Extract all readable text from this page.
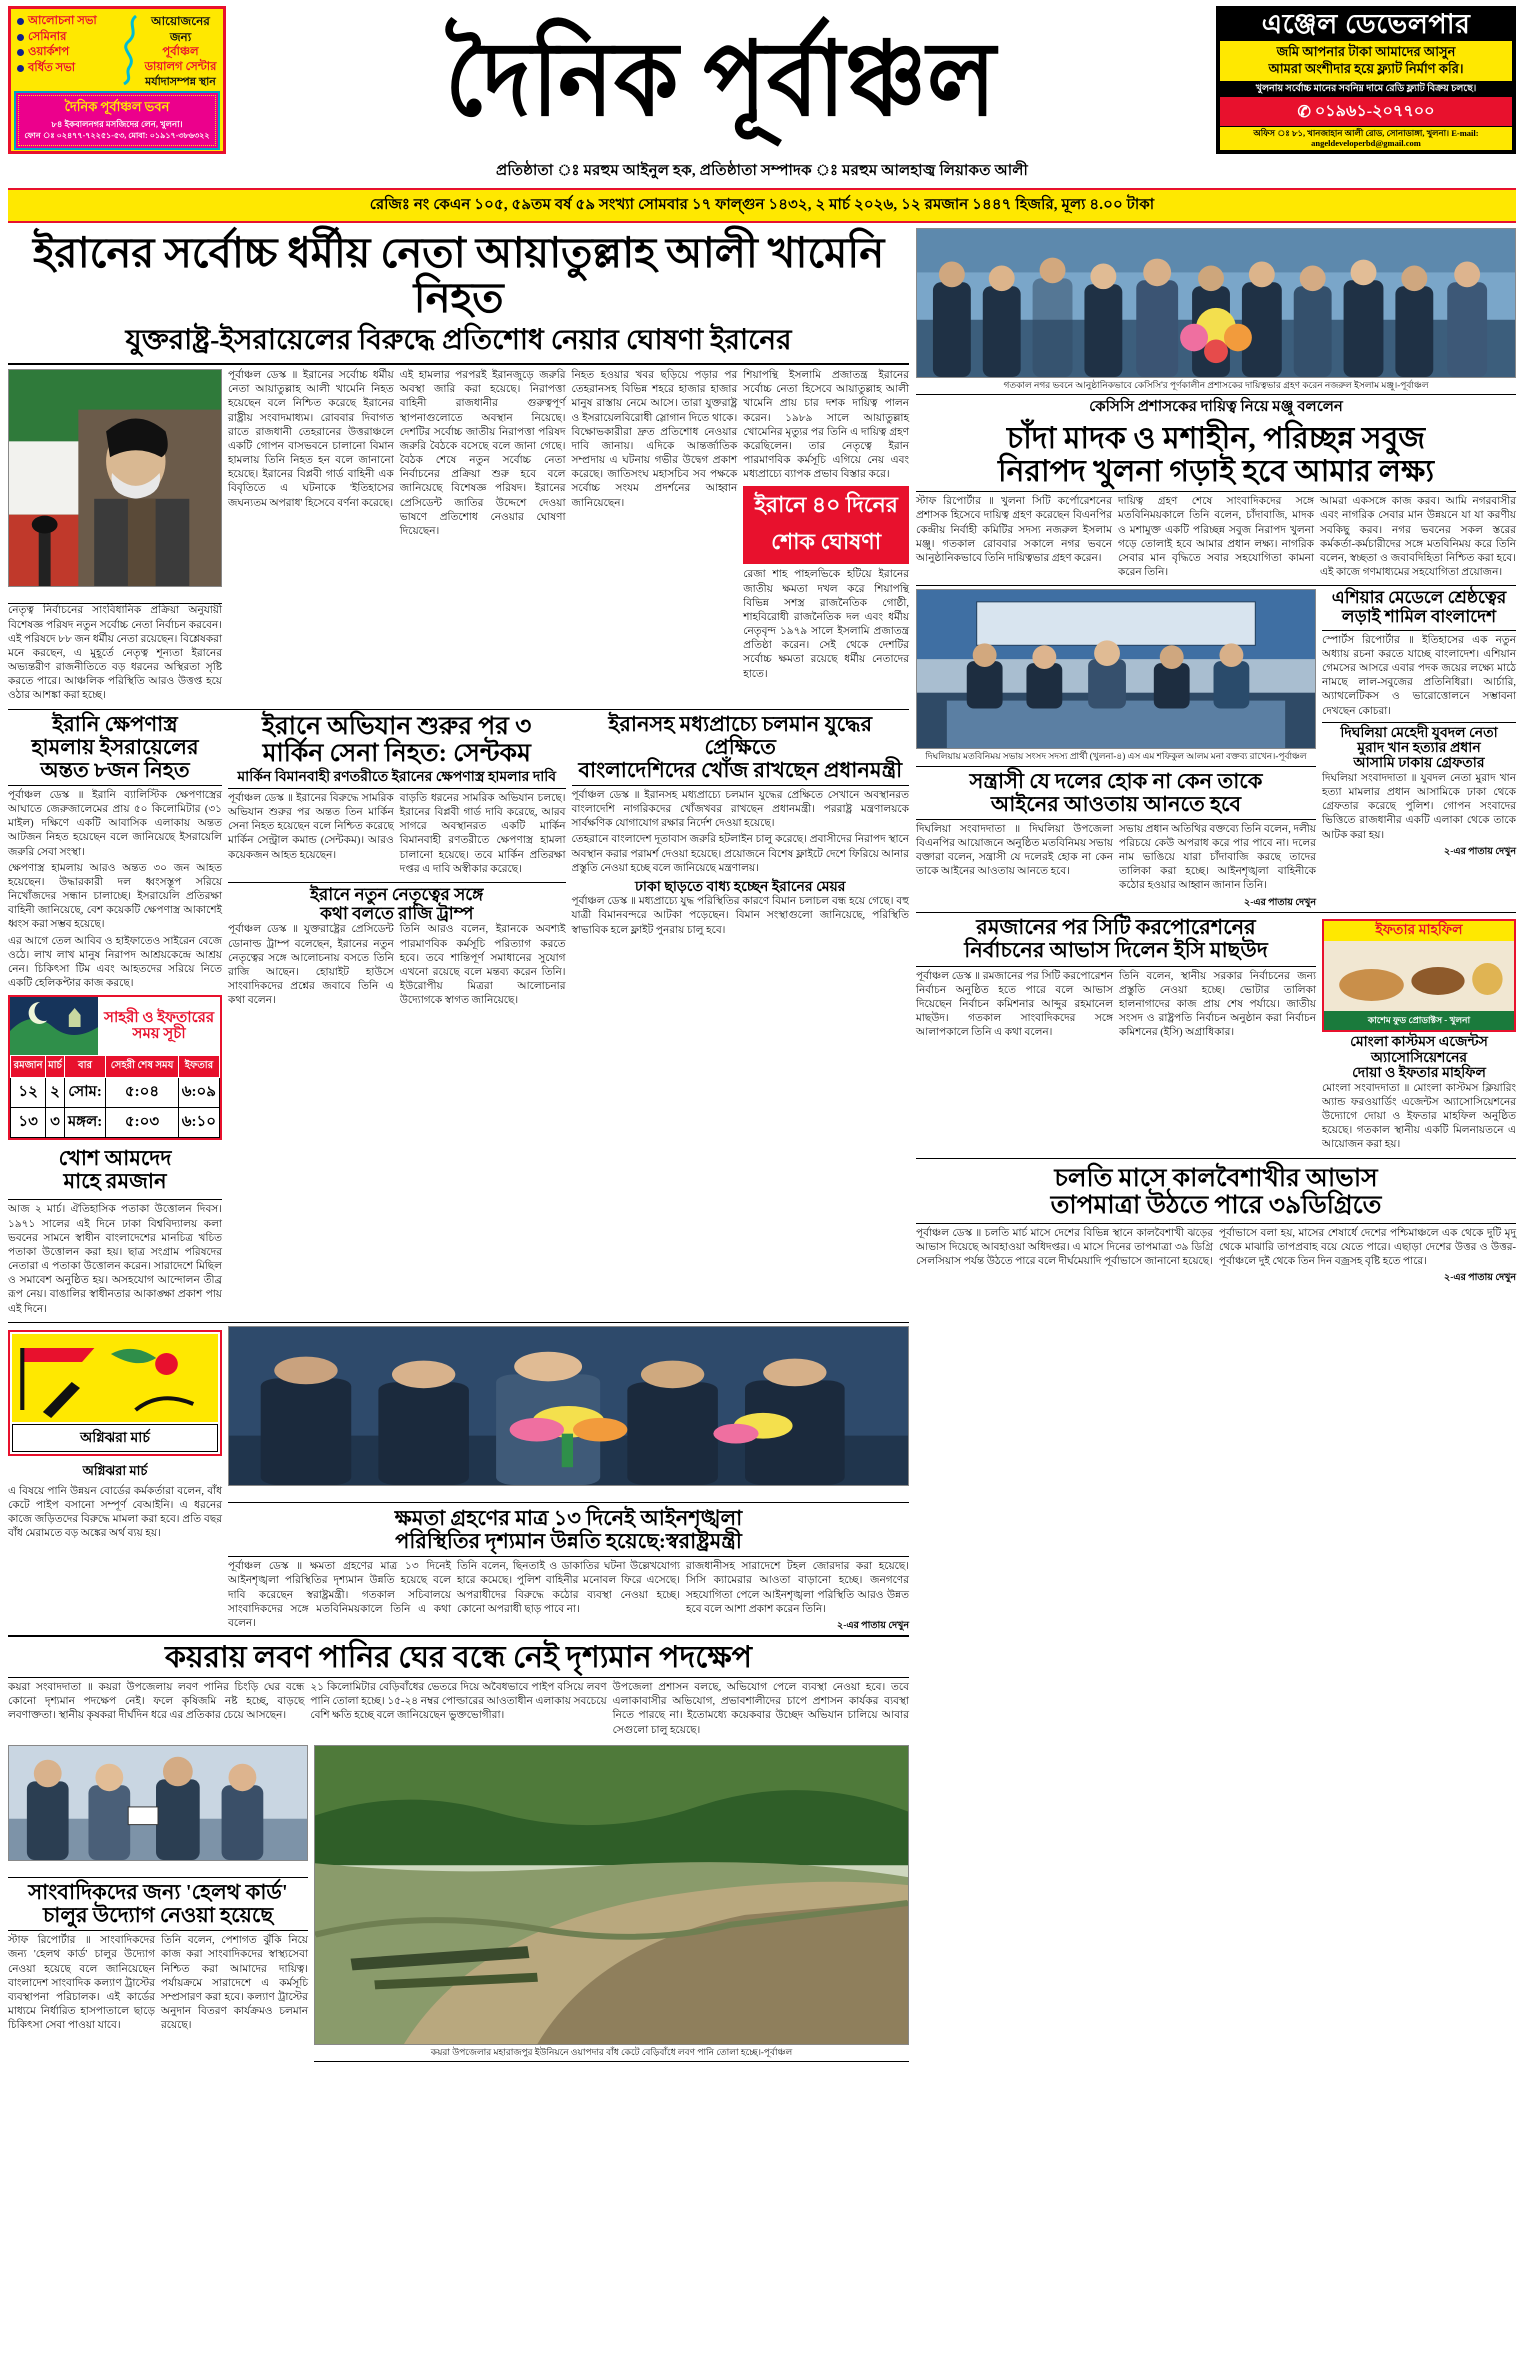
আলোচনা সভা
সেমিনার
ওয়ার্কশপ
বর্ধিত সভা
আয়োজনের জন্য
পূর্বাঞ্চল ডায়ালগ সেন্টার
মর্যাদাসম্পন্ন স্থান
দৈনিক পূর্বাঞ্চল ভবন
৮৪ ইকবালনগর মসজিদের লেন, খুলনা।
ফোন ঃ ০২৪৭৭-৭২২৫১-৫৩, মোবা: ০১৯১৭-৩৮৬৩২২	দৈনিক পূর্বাঞ্চল	এঞ্জেল ডেভেলপার
জমি আপনার টাকা আমাদের আসুন
আমরা অংশীদার হয়ে ফ্ল্যাট নির্মাণ করি।
খুলনায় সর্বোচ্চ মানের সবনিম্ন দামে রেডি ফ্ল্যাট বিক্রয় চলছে।
✆ ০১৯৬১-২০৭৭০০
অফিস ঃ ৮১, খানজাহান আলী রোড, সোনাডাঙ্গা, খুলনা। E-mail: angeldeveloperbd@gmail.com
প্রতিষ্ঠাতা ঃ মরহুম আইনুল হক, প্রতিষ্ঠাতা সম্পাদক ঃ মরহুম আলহাজ্ব লিয়াকত আলী
রেজিঃ নং কেএন ১০৫, ৫৯তম বর্ষ ৫৯ সংখ্যা সোমবার ১৭ ফাল্গুন ১৪৩২, ২ মার্চ ২০২৬, ১২ রমজান ১৪৪৭ হিজরি, মূল্য ৪.০০ টাকা
ইরানের সর্বোচ্চ ধর্মীয় নেতা আয়াতুল্লাহ আলী খামেনি নিহত
যুক্তরাষ্ট্র-ইসরায়েলের বিরুদ্ধে প্রতিশোধ নেয়ার ঘোষণা ইরানের

নেতৃত্ব নির্বাচনের সাংবিধানিক প্রক্রিয়া অনুযায়ী বিশেষজ্ঞ পরিষদ নতুন সর্বোচ্চ নেতা নির্বাচন করবেন। এই পরিষদে ৮৮ জন ধর্মীয় নেতা রয়েছেন। বিশ্লেষকরা মনে করছেন, এ মুহূর্তে নেতৃত্ব শূন্যতা ইরানের অভ্যন্তরীণ রাজনীতিতে বড় ধরনের অস্থিরতা সৃষ্টি করতে পারে। আঞ্চলিক পরিস্থিতি আরও উত্তপ্ত হয়ে ওঠার আশঙ্কা করা হচ্ছে।

পূর্বাঞ্চল ডেস্ক ॥ ইরানের সর্বোচ্চ ধর্মীয় নেতা আয়াতুল্লাহ আলী খামেনি নিহত হয়েছেন বলে নিশ্চিত করেছে ইরানের রাষ্ট্রীয় সংবাদমাধ্যম। রোববার দিবাগত রাতে রাজধানী তেহরানের উত্তরাঞ্চলে একটি গোপন বাসভবনে চালানো বিমান হামলায় তিনি নিহত হন বলে জানানো হয়েছে। ইরানের বিপ্লবী গার্ড বাহিনী এক বিবৃতিতে এ ঘটনাকে 'ইতিহাসের জঘন্যতম অপরাধ' হিসেবে বর্ণনা করেছে।

এই হামলার পরপরই ইরানজুড়ে জরুরি অবস্থা জারি করা হয়েছে। নিরাপত্তা বাহিনী রাজধানীর গুরুত্বপূর্ণ স্থাপনাগুলোতে অবস্থান নিয়েছে। দেশটির সর্বোচ্চ জাতীয় নিরাপত্তা পরিষদ জরুরি বৈঠকে বসেছে বলে জানা গেছে। বৈঠক শেষে নতুন সর্বোচ্চ নেতা নির্বাচনের প্রক্রিয়া শুরু হবে বলে জানিয়েছে বিশেষজ্ঞ পরিষদ। ইরানের প্রেসিডেন্ট জাতির উদ্দেশে দেওয়া ভাষণে প্রতিশোধ নেওয়ার ঘোষণা দিয়েছেন।

নিহত হওয়ার খবর ছড়িয়ে পড়ার পর তেহরানসহ বিভিন্ন শহরে হাজার হাজার মানুষ রাস্তায় নেমে আসে। তারা যুক্তরাষ্ট্র ও ইসরায়েলবিরোধী স্লোগান দিতে থাকে। বিক্ষোভকারীরা দ্রুত প্রতিশোধ নেওয়ার দাবি জানায়। এদিকে আন্তর্জাতিক সম্প্রদায় এ ঘটনায় গভীর উদ্বেগ প্রকাশ করেছে। জাতিসংঘ মহাসচিব সব পক্ষকে সর্বোচ্চ সংযম প্রদর্শনের আহ্বান জানিয়েছেন।

শিয়াপন্থি ইসলামি প্রজাতন্ত্র ইরানের সর্বোচ্চ নেতা হিসেবে আয়াতুল্লাহ আলী খামেনি প্রায় চার দশক দায়িত্ব পালন করেন। ১৯৮৯ সালে আয়াতুল্লাহ খোমেনির মৃত্যুর পর তিনি এ দায়িত্ব গ্রহণ করেছিলেন। তার নেতৃত্বে ইরান পারমাণবিক কর্মসূচি এগিয়ে নেয় এবং মধ্যপ্রাচ্যে ব্যাপক প্রভাব বিস্তার করে।

ইরানে ৪০ দিনের শোক ঘোষণা

রেজা শাহ পাহলভিকে হটিয়ে ইরানের জাতীয় ক্ষমতা দখল করে শিয়াপন্থি বিভিন্ন সশস্ত্র রাজনৈতিক গোষ্ঠী, শাহবিরোধী রাজনৈতিক দল এবং ধর্মীয় নেতৃবৃন্দ ১৯৭৯ সালে ইসলামি প্রজাতন্ত্র প্রতিষ্ঠা করেন। সেই থেকে দেশটির সর্বোচ্চ ক্ষমতা রয়েছে ধর্মীয় নেতাদের হাতে।

ইরানি ক্ষেপণাস্ত্র
হামলায় ইসরায়েলের
অন্তত ৮জন নিহত

পূর্বাঞ্চল ডেস্ক ॥ ইরানি ব্যালিস্টিক ক্ষেপণাস্ত্রের আঘাতে জেরুজালেমের প্রায় ৫০ কিলোমিটার (৩১ মাইল) দক্ষিণে একটি আবাসিক এলাকায় অন্তত আটজন নিহত হয়েছেন বলে জানিয়েছে ইসরায়েলি জরুরি সেবা সংস্থা।

ক্ষেপণাস্ত্র হামলায় আরও অন্তত ৩০ জন আহত হয়েছেন। উদ্ধারকারী দল ধ্বংসস্তূপ সরিয়ে নিখোঁজদের সন্ধান চালাচ্ছে। ইসরায়েলি প্রতিরক্ষা বাহিনী জানিয়েছে, বেশ কয়েকটি ক্ষেপণাস্ত্র আকাশেই ধ্বংস করা সম্ভব হয়েছে।

এর আগে তেল আবিব ও হাইফাতেও সাইরেন বেজে ওঠে। লাখ লাখ মানুষ নিরাপদ আশ্রয়কেন্দ্রে আশ্রয় নেন। চিকিৎসা টিম এবং আহতদের সরিয়ে নিতে একটি হেলিকপ্টার কাজ করছে।

সাহরী ও ইফতারের
সময় সূচী
রমজান	মার্চ	বার	সেহরী শেষ সময	ইফতার
১২	২	সোম:	৫:০৪	৬:০৯
১৩	৩	মঙ্গল:	৫:০৩	৬:১০
খোশ আমদেদ
মাহে রমজান

আজ ২ মার্চ। ঐতিহাসিক পতাকা উত্তোলন দিবস। ১৯৭১ সালের এই দিনে ঢাকা বিশ্ববিদ্যালয় কলা ভবনের সামনে স্বাধীন বাংলাদেশের মানচিত্র খচিত পতাকা উত্তোলন করা হয়। ছাত্র সংগ্রাম পরিষদের নেতারা এ পতাকা উত্তোলন করেন। সারাদেশে মিছিল ও সমাবেশ অনুষ্ঠিত হয়। অসহযোগ আন্দোলন তীব্র রূপ নেয়। বাঙালির স্বাধীনতার আকাঙ্ক্ষা প্রকাশ পায় এই দিনে।

ইরানে অভিযান শুরুর পর ৩
মার্কিন সেনা নিহত: সেন্টকম
মার্কিন বিমানবাহী রণতরীতে ইরানের ক্ষেপণাস্ত্র হামলার দাবি

পূর্বাঞ্চল ডেস্ক ॥ ইরানের বিরুদ্ধে সামরিক অভিযান শুরুর পর অন্তত তিন মার্কিন সেনা নিহত হয়েছেন বলে নিশ্চিত করেছে মার্কিন সেন্ট্রাল কমান্ড (সেন্টকম)। আরও কয়েকজন আহত হয়েছেন।

বাড়তি ধরনের সামরিক অভিযান চলছে। ইরানের বিপ্লবী গার্ড দাবি করেছে, আরব সাগরে অবস্থানরত একটি মার্কিন বিমানবাহী রণতরীতে ক্ষেপণাস্ত্র হামলা চালানো হয়েছে। তবে মার্কিন প্রতিরক্ষা দপ্তর এ দাবি অস্বীকার করেছে।

ইরানে নতুন নেতৃত্বের সঙ্গে
কথা বলতে রাজি ট্রাম্প

পূর্বাঞ্চল ডেস্ক ॥ যুক্তরাষ্ট্রের প্রেসিডেন্ট ডোনাল্ড ট্রাম্প বলেছেন, ইরানের নতুন নেতৃত্বের সঙ্গে আলোচনায় বসতে তিনি রাজি আছেন। হোয়াইট হাউসে সাংবাদিকদের প্রশ্নের জবাবে তিনি এ কথা বলেন।

তিনি আরও বলেন, ইরানকে অবশ্যই পারমাণবিক কর্মসূচি পরিত্যাগ করতে হবে। তবে শান্তিপূর্ণ সমাধানের সুযোগ এখনো রয়েছে বলে মন্তব্য করেন তিনি। ইউরোপীয় মিত্ররা আলোচনার উদ্যোগকে স্বাগত জানিয়েছে।

ইরানসহ মধ্যপ্রাচ্যে চলমান যুদ্ধের প্রেক্ষিতে
বাংলাদেশিদের খোঁজ রাখছেন প্রধানমন্ত্রী

পূর্বাঞ্চল ডেস্ক ॥ ইরানসহ মধ্যপ্রাচ্যে চলমান যুদ্ধের প্রেক্ষিতে সেখানে অবস্থানরত বাংলাদেশি নাগরিকদের খোঁজখবর রাখছেন প্রধানমন্ত্রী। পররাষ্ট্র মন্ত্রণালয়কে সার্বক্ষণিক যোগাযোগ রক্ষার নির্দেশ দেওয়া হয়েছে।

তেহরানে বাংলাদেশ দূতাবাস জরুরি হটলাইন চালু করেছে। প্রবাসীদের নিরাপদ স্থানে অবস্থান করার পরামর্শ দেওয়া হয়েছে। প্রয়োজনে বিশেষ ফ্লাইটে দেশে ফিরিয়ে আনার প্রস্তুতি নেওয়া হচ্ছে বলে জানিয়েছে মন্ত্রণালয়।

ঢাকা ছাড়তে বাধ্য হচ্ছেন ইরানের মেয়র

পূর্বাঞ্চল ডেস্ক ॥ মধ্যপ্রাচ্যে যুদ্ধ পরিস্থিতির কারণে বিমান চলাচল বন্ধ হয়ে গেছে। বহু যাত্রী বিমানবন্দরে আটকা পড়েছেন। বিমান সংস্থাগুলো জানিয়েছে, পরিস্থিতি স্বাভাবিক হলে ফ্লাইট পুনরায় চালু হবে।

অগ্নিঝরা মার্চ
অগ্নিঝরা মার্চ

এ বিষয়ে পানি উন্নয়ন বোর্ডের কর্মকর্তারা বলেন, বাঁধ কেটে পাইপ বসানো সম্পূর্ণ বেআইনি। এ ধরনের কাজে জড়িতদের বিরুদ্ধে মামলা করা হবে। প্রতি বছর বাঁধ মেরামতে বড় অঙ্কের অর্থ ব্যয় হয়।

ক্ষমতা গ্রহণের মাত্র ১৩ দিনেই আইনশৃঙ্খলা
পরিস্থিতির দৃশ্যমান উন্নতি হয়েছে:স্বরাষ্ট্রমন্ত্রী

পূর্বাঞ্চল ডেস্ক ॥ ক্ষমতা গ্রহণের মাত্র ১৩ দিনেই আইনশৃঙ্খলা পরিস্থিতির দৃশ্যমান উন্নতি হয়েছে বলে দাবি করেছেন স্বরাষ্ট্রমন্ত্রী। গতকাল সচিবালয়ে সাংবাদিকদের সঙ্গে মতবিনিময়কালে তিনি এ কথা বলেন।

তিনি বলেন, ছিনতাই ও ডাকাতির ঘটনা উল্লেখযোগ্য হারে কমেছে। পুলিশ বাহিনীর মনোবল ফিরে এসেছে। অপরাধীদের বিরুদ্ধে কঠোর ব্যবস্থা নেওয়া হচ্ছে। কোনো অপরাধী ছাড় পাবে না।

রাজধানীসহ সারাদেশে টহল জোরদার করা হয়েছে। সিসি ক্যামেরার আওতা বাড়ানো হচ্ছে। জনগণের সহযোগিতা পেলে আইনশৃঙ্খলা পরিস্থিতি আরও উন্নত হবে বলে আশা প্রকাশ করেন তিনি।

২-এর পাতায় দেখুন
কয়রায় লবণ পানির ঘের বন্ধে নেই দৃশ্যমান পদক্ষেপ

কয়রা সংবাদদাতা ॥ কয়রা উপজেলায় লবণ পানির চিংড়ি ঘের বন্ধে কোনো দৃশ্যমান পদক্ষেপ নেই। ফলে কৃষিজমি নষ্ট হচ্ছে, বাড়ছে লবণাক্ততা। স্থানীয় কৃষকরা দীর্ঘদিন ধরে এর প্রতিকার চেয়ে আসছেন।

২১ কিলোমিটার বেড়িবাঁধের ভেতরে দিয়ে অবৈধভাবে পাইপ বসিয়ে লবণ পানি তোলা হচ্ছে। ১৫-২৪ নম্বর পোল্ডারের আওতাধীন এলাকায় সবচেয়ে বেশি ক্ষতি হচ্ছে বলে জানিয়েছেন ভুক্তভোগীরা।

উপজেলা প্রশাসন বলছে, অভিযোগ পেলে ব্যবস্থা নেওয়া হবে। তবে এলাকাবাসীর অভিযোগ, প্রভাবশালীদের চাপে প্রশাসন কার্যকর ব্যবস্থা নিতে পারছে না। ইতোমধ্যে কয়েকবার উচ্ছেদ অভিযান চালিয়ে আবার সেগুলো চালু হয়েছে।

সাংবাদিকদের জন্য 'হেলথ কার্ড'
চালুর উদ্যোগ নেওয়া হয়েছে

স্টাফ রিপোর্টার ॥ সাংবাদিকদের জন্য 'হেলথ কার্ড' চালুর উদ্যোগ নেওয়া হয়েছে বলে জানিয়েছেন বাংলাদেশ সাংবাদিক কল্যাণ ট্রাস্টের ব্যবস্থাপনা পরিচালক। এই কার্ডের মাধ্যমে নির্ধারিত হাসপাতালে ছাড়ে চিকিৎসা সেবা পাওয়া যাবে।

তিনি বলেন, পেশাগত ঝুঁকি নিয়ে কাজ করা সাংবাদিকদের স্বাস্থ্যসেবা নিশ্চিত করা আমাদের দায়িত্ব। পর্যায়ক্রমে সারাদেশে এ কর্মসূচি সম্প্রসারণ করা হবে। কল্যাণ ট্রাস্টের অনুদান বিতরণ কার্যক্রমও চলমান রয়েছে।

কয়রা উপজেলার মহারাজপুর ইউনিয়নে ওয়াপদার বাঁধ কেটে বেড়িবাঁধে লবণ পানি তোলা হচ্ছে।-পূর্বাঞ্চল
গতকাল নগর ভবনে আনুষ্ঠানিকভাবে কেসিসি'র পূর্ণকালীন প্রশাসকের দায়িত্বভার গ্রহণ করেন নজরুল ইসলাম মঞ্জু।-পূর্বাঞ্চল
কেসিসি প্রশাসকের দায়িত্ব নিয়ে মঞ্জু বললেন
চাঁদা মাদক ও মশাহীন, পরিচ্ছন্ন সবুজ
নিরাপদ খুলনা গড়াই হবে আমার লক্ষ্য

স্টাফ রিপোর্টার ॥ খুলনা সিটি কর্পোরেশনের প্রশাসক হিসেবে দায়িত্ব গ্রহণ করেছেন বিএনপির কেন্দ্রীয় নির্বাহী কমিটির সদস্য নজরুল ইসলাম মঞ্জু। গতকাল রোববার সকালে নগর ভবনে আনুষ্ঠানিকভাবে তিনি দায়িত্বভার গ্রহণ করেন।

দায়িত্ব গ্রহণ শেষে সাংবাদিকদের সঙ্গে মতবিনিময়কালে তিনি বলেন, চাঁদাবাজি, মাদক ও মশামুক্ত একটি পরিচ্ছন্ন সবুজ নিরাপদ খুলনা গড়ে তোলাই হবে আমার প্রধান লক্ষ্য। নাগরিক সেবার মান বৃদ্ধিতে সবার সহযোগিতা কামনা করেন তিনি।

আমরা একসঙ্গে কাজ করব। আমি নগরবাসীর এবং নাগরিক সেবার মান উন্নয়নে যা যা করণীয় সবকিছু করব। নগর ভবনের সকল স্তরের কর্মকর্তা-কর্মচারীদের সঙ্গে মতবিনিময় করে তিনি বলেন, স্বচ্ছতা ও জবাবদিহিতা নিশ্চিত করা হবে। এই কাজে গণমাধ্যমের সহযোগিতা প্রয়োজন।

দিঘলিয়ায় মতবিনিময় সভায় সংসদ সদস্য প্রার্থী (খুলনা-৪) এস এম শফিকুল আলম মনা বক্তব্য রাখেন।-পূর্বাঞ্চল
সন্ত্রাসী যে দলের হোক না কেন তাকে
আইনের আওতায় আনতে হবে

দিঘলিয়া সংবাদদাতা ॥ দিঘলিয়া উপজেলা বিএনপির আয়োজনে অনুষ্ঠিত মতবিনিময় সভায় বক্তারা বলেন, সন্ত্রাসী যে দলেরই হোক না কেন তাকে আইনের আওতায় আনতে হবে।

সভায় প্রধান অতিথির বক্তব্যে তিনি বলেন, দলীয় পরিচয়ে কেউ অপরাধ করে পার পাবে না। দলের নাম ভাঙিয়ে যারা চাঁদাবাজি করছে তাদের তালিকা করা হচ্ছে। আইনশৃঙ্খলা বাহিনীকে কঠোর হওয়ার আহ্বান জানান তিনি।

২-এর পাতায় দেখুন
এশিয়ার মেডেলে শ্রেষ্ঠত্বের
লড়াই শামিল বাংলাদেশ

স্পোর্টস রিপোর্টার ॥ ইতিহাসের এক নতুন অধ্যায় রচনা করতে যাচ্ছে বাংলাদেশ। এশিয়ান গেমসের আসরে এবার পদক জয়ের লক্ষ্যে মাঠে নামছে লাল-সবুজের প্রতিনিধিরা। আর্চারি, অ্যাথলেটিকস ও ভারোত্তোলনে সম্ভাবনা দেখছেন কোচরা।

দিঘলিয়া মেহেদী যুবদল নেতা
মুরাদ খান হত্যার প্রধান
আসামি ঢাকায় গ্রেফতার

দিঘলিয়া সংবাদদাতা ॥ যুবদল নেতা মুরাদ খান হত্যা মামলার প্রধান আসামিকে ঢাকা থেকে গ্রেফতার করেছে পুলিশ। গোপন সংবাদের ভিত্তিতে রাজধানীর একটি এলাকা থেকে তাকে আটক করা হয়।

২-এর পাতায় দেখুন
রমজানের পর সিটি করপোরেশনের
নির্বাচনের আভাস দিলেন ইসি মাছউদ

পূর্বাঞ্চল ডেস্ক ॥ রমজানের পর সিটি করপোরেশন নির্বাচন অনুষ্ঠিত হতে পারে বলে আভাস দিয়েছেন নির্বাচন কমিশনার আব্দুর রহমানেল মাছউদ। গতকাল সাংবাদিকদের সঙ্গে আলাপকালে তিনি এ কথা বলেন।

তিনি বলেন, স্থানীয় সরকার নির্বাচনের জন্য প্রস্তুতি নেওয়া হচ্ছে। ভোটার তালিকা হালনাগাদের কাজ প্রায় শেষ পর্যায়ে। জাতীয় সংসদ ও রাষ্ট্রপতি নির্বাচন অনুষ্ঠান করা নির্বাচন কমিশনের (ইসি) অগ্রাধিকার।

ইফতার মাহফিল
কাশেম ফুড প্রোডাক্টস - খুলনা
মোংলা কাস্টমস এজেন্টস অ্যাসোসিয়েশনের
দোয়া ও ইফতার মাহফিল

মোংলা সংবাদদাতা ॥ মোংলা কাস্টমস ক্লিয়ারিং অ্যান্ড ফরওয়ার্ডিং এজেন্টস অ্যাসোসিয়েশনের উদ্যোগে দোয়া ও ইফতার মাহফিল অনুষ্ঠিত হয়েছে। গতকাল স্থানীয় একটি মিলনায়তনে এ আয়োজন করা হয়।

চলতি মাসে কালবৈশাখীর আভাস
তাপমাত্রা উঠতে পারে ৩৯ডিগ্রিতে

পূর্বাঞ্চল ডেস্ক ॥ চলতি মার্চ মাসে দেশের বিভিন্ন স্থানে কালবৈশাখী ঝড়ের আভাস দিয়েছে আবহাওয়া অধিদপ্তর। এ মাসে দিনের তাপমাত্রা ৩৯ ডিগ্রি সেলসিয়াস পর্যন্ত উঠতে পারে বলে দীর্ঘমেয়াদি পূর্বাভাসে জানানো হয়েছে।

পূর্বাভাসে বলা হয়, মাসের শেষার্ধে দেশের পশ্চিমাঞ্চলে এক থেকে দুটি মৃদু থেকে মাঝারি তাপপ্রবাহ বয়ে যেতে পারে। এছাড়া দেশের উত্তর ও উত্তর-পূর্বাঞ্চলে দুই থেকে তিন দিন বজ্রসহ বৃষ্টি হতে পারে।

২-এর পাতায় দেখুন
